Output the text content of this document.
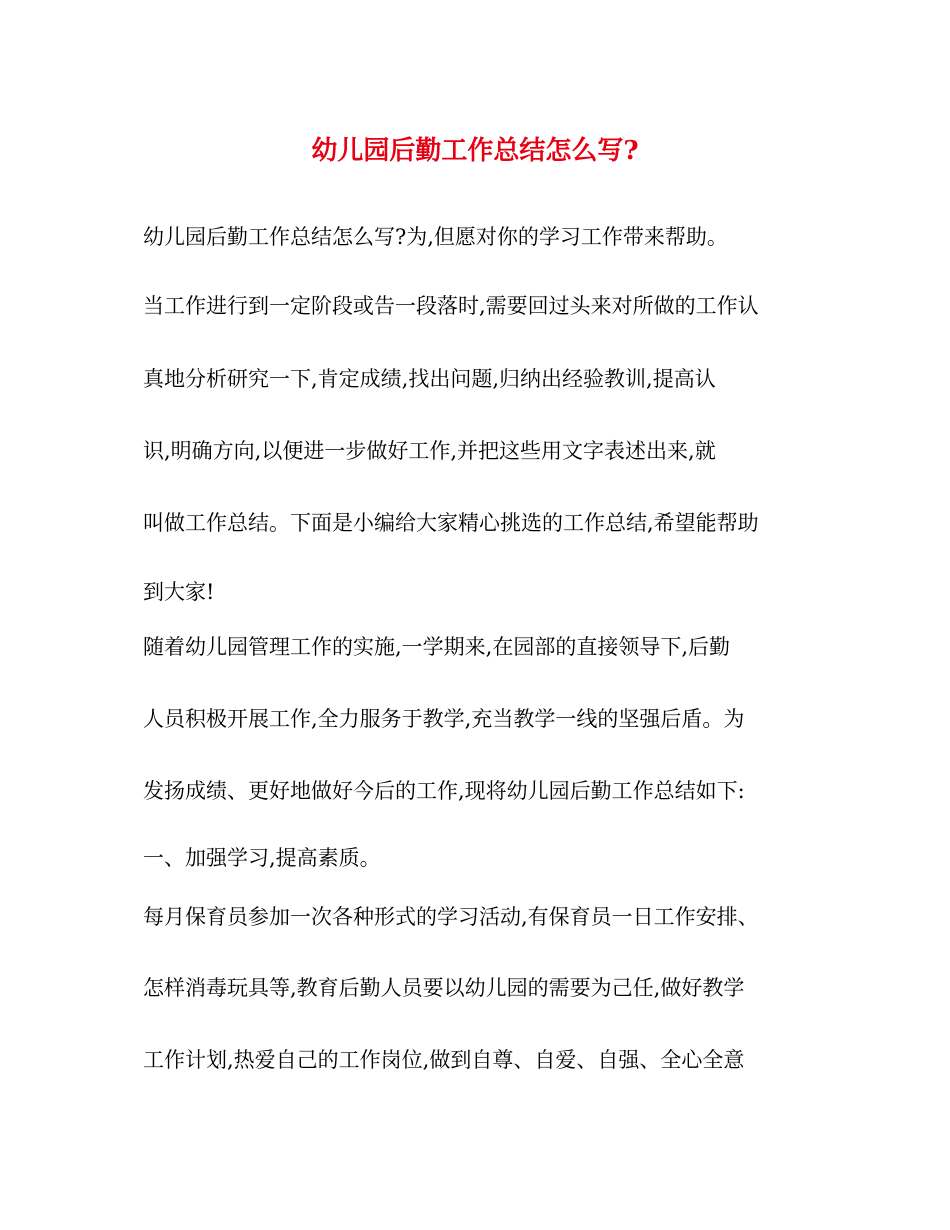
幼儿园后勤工作总结怎么写?
幼儿园后勤工作总结怎么写?为,但愿对你的学习工作带来帮助。
当工作进行到一定阶段或告一段落时,需要回过头来对所做的工作认
真地分析研究一下,肯定成绩,找出问题,归纳出经验教训,提高认
识,明确方向,以便进一步做好工作,并把这些用文字表述出来,就
叫做工作总结。下面是小编给大家精心挑选的工作总结,希望能帮助
到大家!
随着幼儿园管理工作的实施,一学期来,在园部的直接领导下,后勤
人员积极开展工作,全力服务于教学,充当教学一线的坚强后盾。为
发扬成绩、更好地做好今后的工作,现将幼儿园后勤工作总结如下:
一、加强学习,提高素质。
每月保育员参加一次各种形式的学习活动,有保育员一日工作安排、
怎样消毒玩具等,教育后勤人员要以幼儿园的需要为己任,做好教学
工作计划,热爱自己的工作岗位,做到自尊、自爱、自强、全心全意
